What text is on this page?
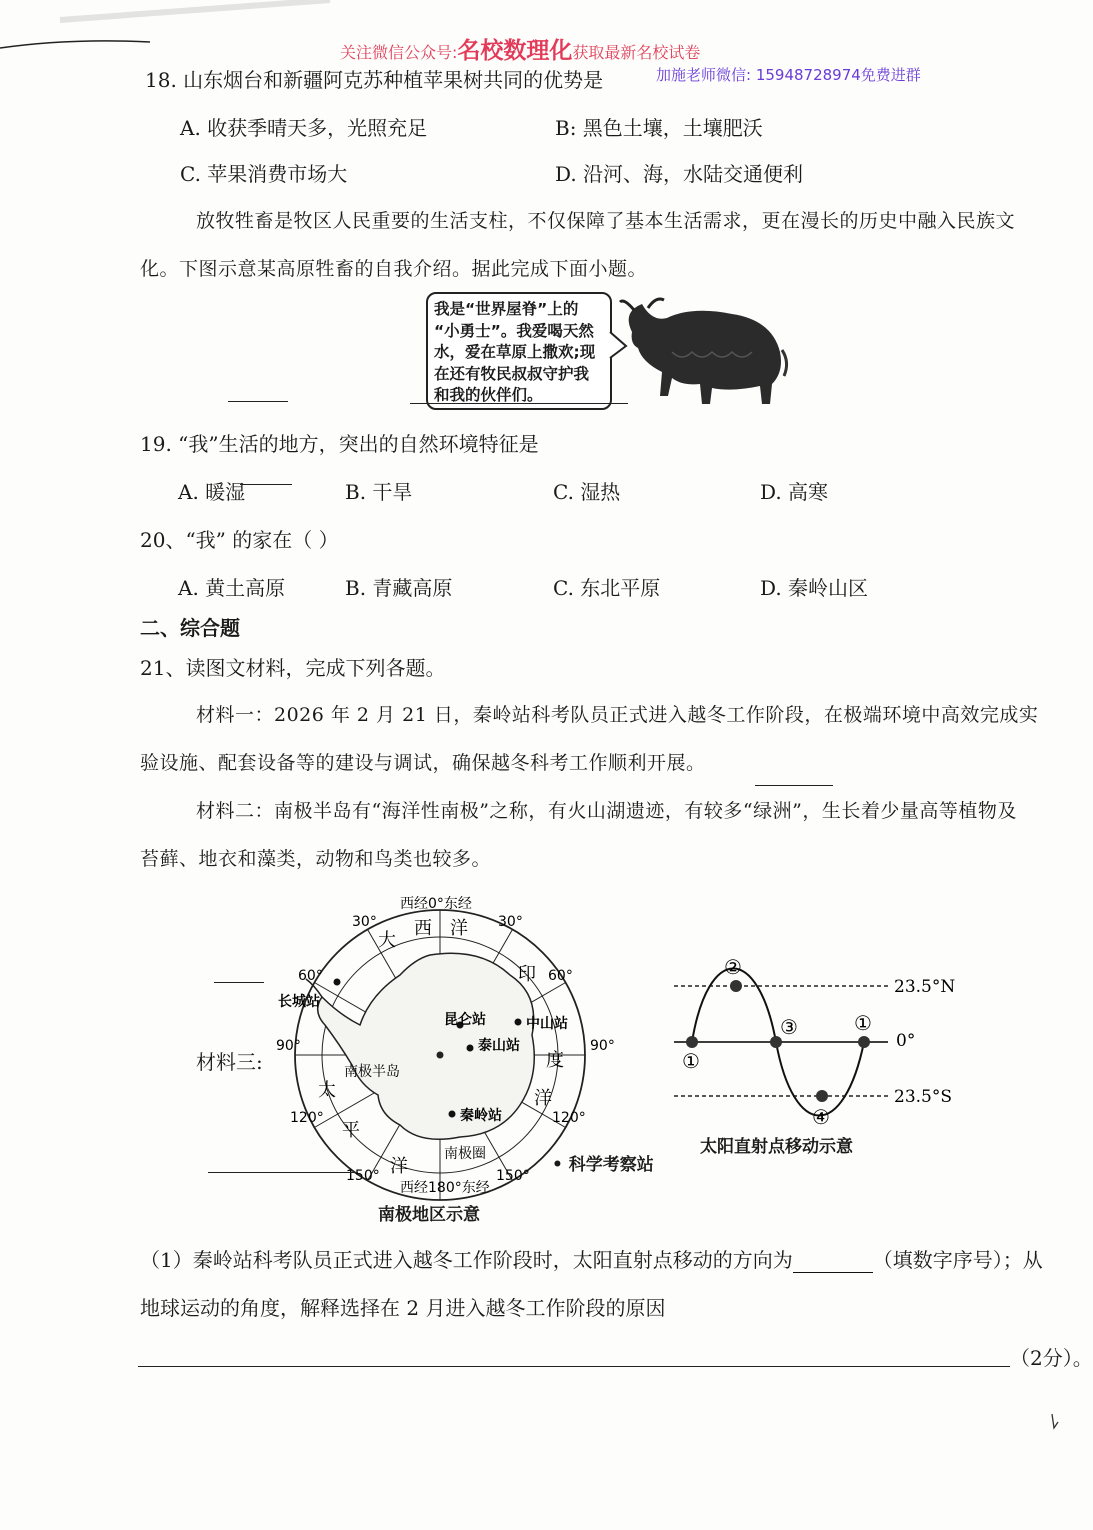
关注微信公众号:名校数理化获取最新名校试卷
加施老师微信: 15948728974免费进群
18. 山东烟台和新疆阿克苏种植苹果树共同的优势是
A. 收获季晴天多，光照充足	B: 黑色土壤，土壤肥沃
C. 苹果消费市场大	D. 沿河、海，水陆交通便利
放牧牲畜是牧区人民重要的生活支柱，不仅保障了基本生活需求，更在漫长的历史中融入民族文
化。下图示意某高原牲畜的自我介绍。据此完成下面小题。
我是“世界屋脊”上的
“小勇士”。我爱喝天然
水，爱在草原上撒欢;现
在还有牧民叔叔守护我
和我的伙伴们。
19. “我”生活的地方，突出的自然环境特征是
A. 暖湿	B. 干旱	C. 湿热	D. 高寒
20、“我” 的家在（ ）
A. 黄土高原	B. 青藏高原	C. 东北平原	D. 秦岭山区
二、综合题
21、读图文材料，完成下列各题。
材料一：2026 年 2 月 21 日，秦岭站科考队员正式进入越冬工作阶段，在极端环境中高效完成实
验设施、配套设备等的建设与调试，确保越冬科考工作顺利开展。
材料二：南极半岛有“海洋性南极”之称，有火山湖遗迹，有较多“绿洲”，生长着少量高等植物及
苔藓、地衣和藻类，动物和鸟类也较多。
材料三:
西经0°东经
西经180°东经
30°	30°
60°	60°
90°	90°
120°	120°
150°	150°
大
西 洋
印
度
洋
太
平
洋
长城站
昆仑站	中山站
泰山站
秦岭站
南极半岛
南极圈
南极地区示意
• 科学考察站
23.5°N
0°
23.5°S
①
②
③	①
④
太阳直射点移动示意
（1）秦岭站科考队员正式进入越冬工作阶段时，太阳直射点移动的方向为	（填数字序号）；从
地球运动的角度，解释选择在 2 月进入越冬工作阶段的原因
（2分）。
